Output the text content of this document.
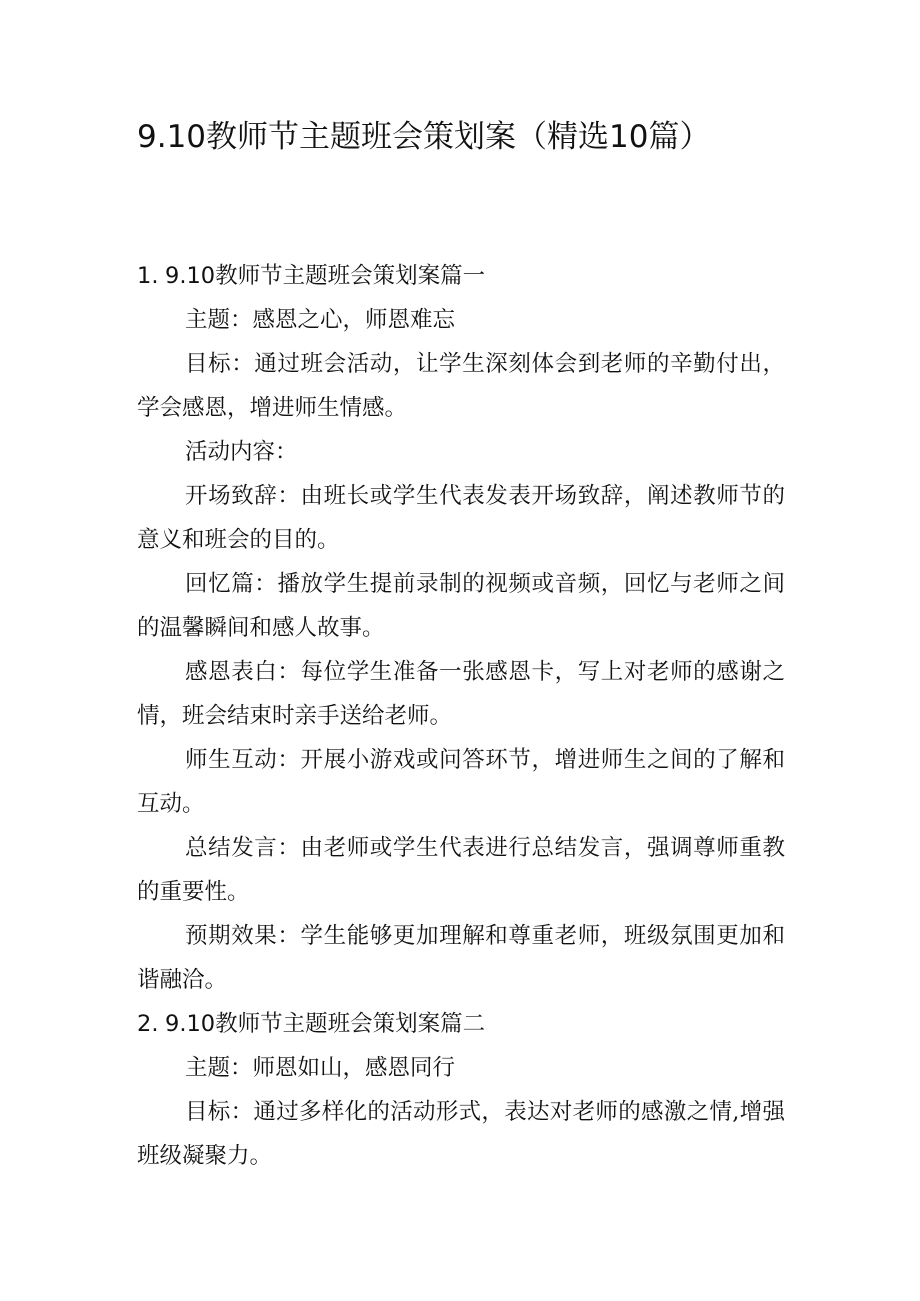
9.10教师节主题班会策划案（精选10篇）
1. 9.10教师节主题班会策划案篇一

主题：感恩之心，师恩难忘

目标：通过班会活动，让学生深刻体会到老师的辛勤付出，学会感恩，增进师生情感。

活动内容：

开场致辞：由班长或学生代表发表开场致辞，阐述教师节的意义和班会的目的。

回忆篇：播放学生提前录制的视频或音频，回忆与老师之间的温馨瞬间和感人故事。

感恩表白：每位学生准备一张感恩卡，写上对老师的感谢之情，班会结束时亲手送给老师。

师生互动：开展小游戏或问答环节，增进师生之间的了解和互动。

总结发言：由老师或学生代表进行总结发言，强调尊师重教的重要性。

预期效果：学生能够更加理解和尊重老师，班级氛围更加和谐融洽。

2. 9.10教师节主题班会策划案篇二

主题：师恩如山，感恩同行

目标：通过多样化的活动形式，表达对老师的感激之情,增强班级凝聚力。
